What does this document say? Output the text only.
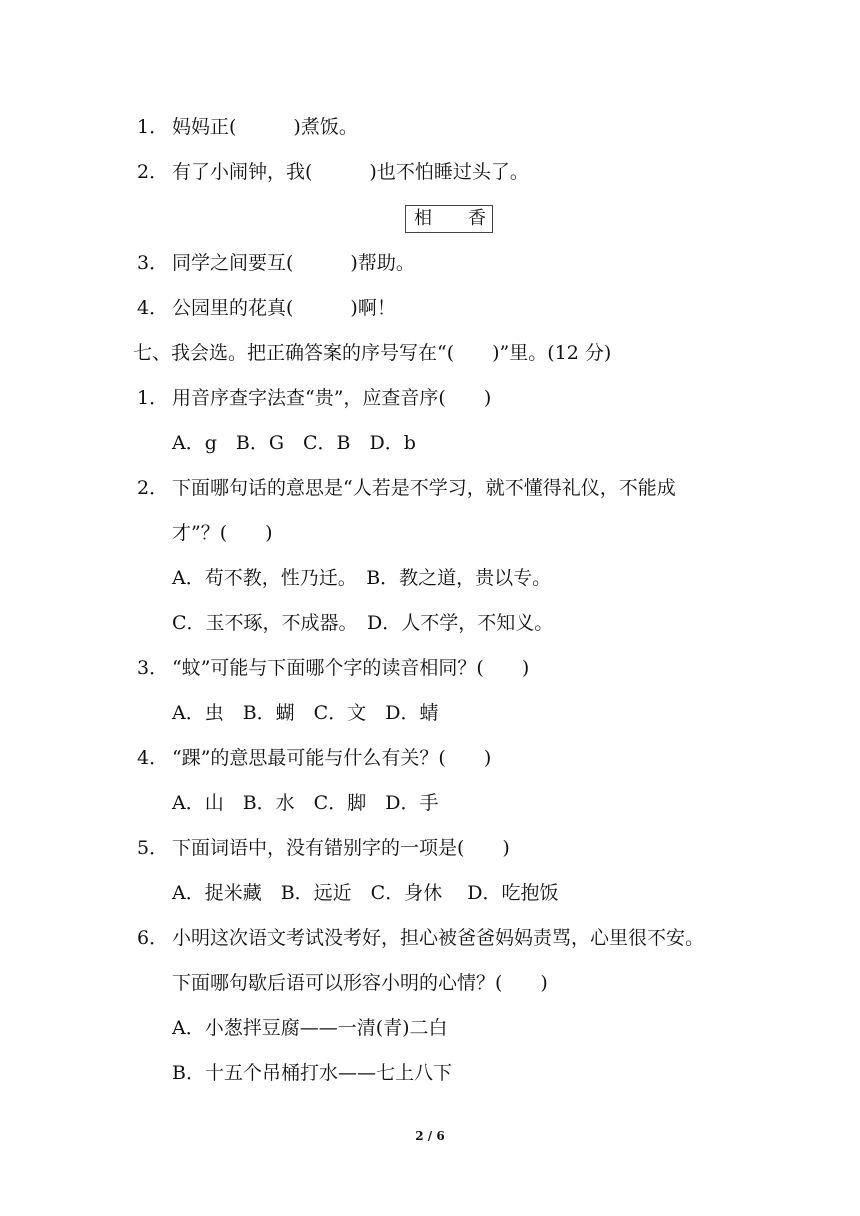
1． 妈妈正(　　　)煮饭。
2． 有了小闹钟，我(　　　)也不怕睡过头了。
相 香
3． 同学之间要互(　　　)帮助。
4． 公园里的花真(　　　)啊！
七、我会选。把正确答案的序号写在“(　　)”里。(12 分)
1． 用音序查字法查“贵”，应查音序(　　)
A．g　B．G　C．B　D．b
2． 下面哪句话的意思是“人若是不学习，就不懂得礼仪，不能成
才”？(　　)
A．苟不教，性乃迁。　B．教之道，贵以专。
C．玉不琢，不成器。　D．人不学，不知义。
3． “蚊”可能与下面哪个字的读音相同？(　　)
A．虫　B．蝴　C．文　D．蜻
4． “踝”的意思最可能与什么有关？(　　)
A．山　B．水　C．脚　D．手
5． 下面词语中，没有错别字的一项是(　　)
A．捉米藏　B．远近　C．身休　 D．吃抱饭
6． 小明这次语文考试没考好，担心被爸爸妈妈责骂，心里很不安。
下面哪句歇后语可以形容小明的心情？(　　)
A．小葱拌豆腐——一清(青)二白
B．十五个吊桶打水——七上八下
2 / 6
